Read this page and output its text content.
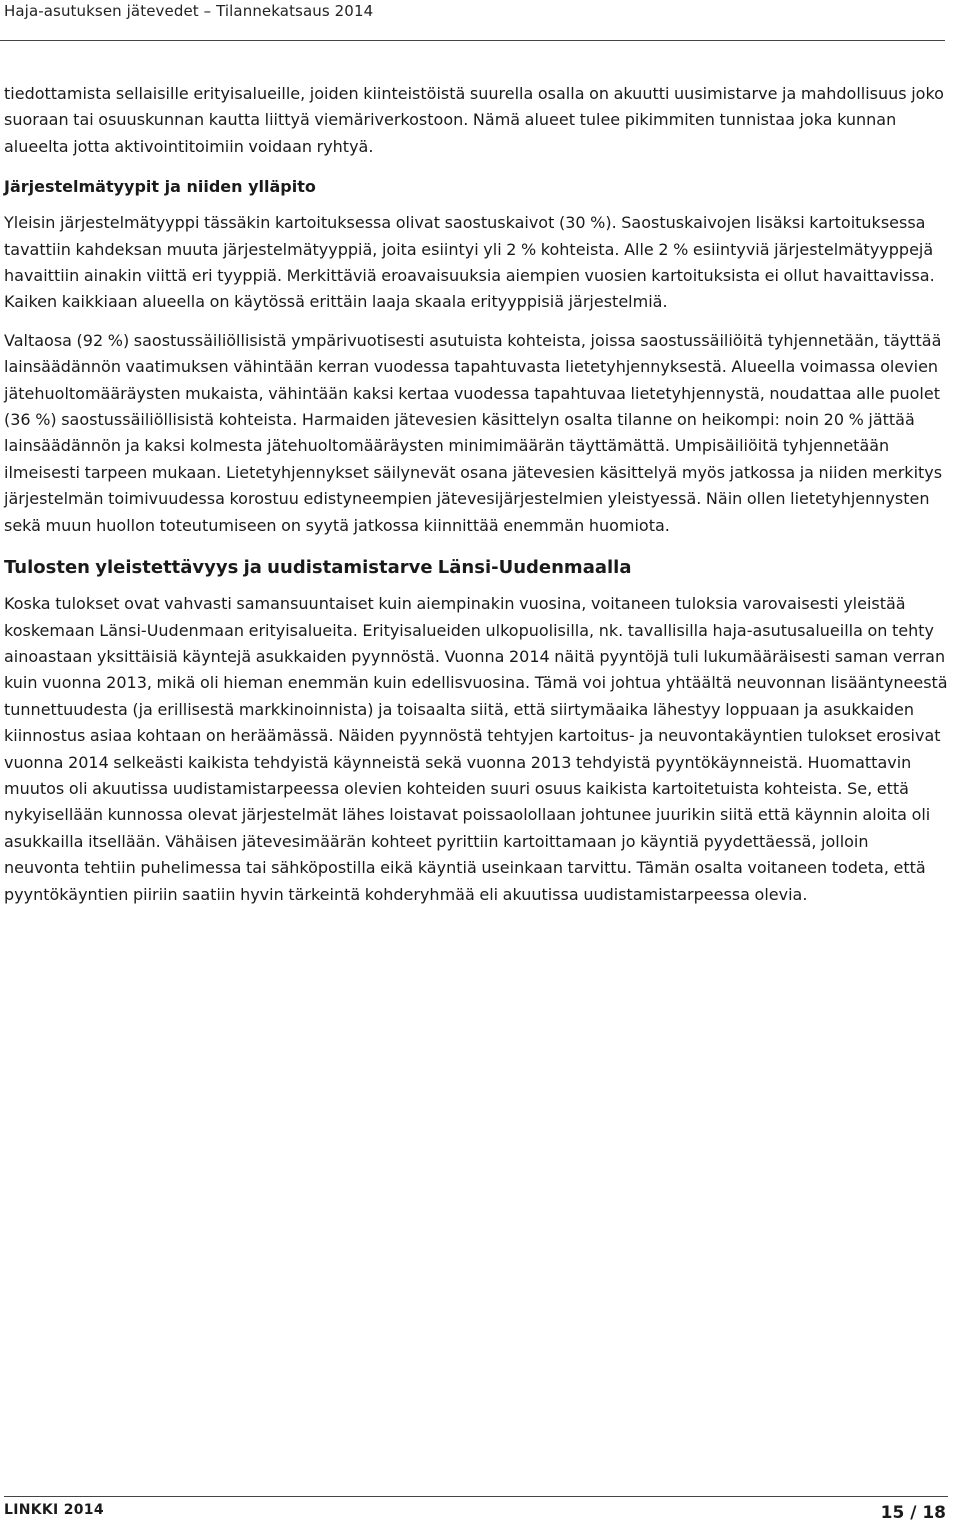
Haja-asutuksen jätevedet – Tilannekatsaus 2014

tiedottamista sellaisille erityisalueille, joiden kiinteistöistä suurella osalla on akuutti uusimistarve ja mahdollisuus joko suoraan tai osuuskunnan kautta liittyä viemäriverkostoon. Nämä alueet tulee pikimmiten tunnistaa joka kunnan alueelta jotta aktivointitoimiin voidaan ryhtyä.

Järjestelmätyypit ja niiden ylläpito

Yleisin järjestelmätyyppi tässäkin kartoituksessa olivat saostuskaivot (30 %). Saostuskaivojen lisäksi kartoituksessa tavattiin kahdeksan muuta järjestelmätyyppiä, joita esiintyi yli 2 % kohteista. Alle 2 % esiintyviä järjestelmätyyppejä havaittiin ainakin viittä eri tyyppiä. Merkittäviä eroavaisuuksia aiempien vuosien kartoituksista ei ollut havaittavissa. Kaiken kaikkiaan alueella on käytössä erittäin laaja skaala erityyppisiä järjestelmiä.

Valtaosa (92 %) saostussäiliöllisistä ympärivuotisesti asutuista kohteista, joissa saostussäiliöitä tyhjennetään, täyttää lainsäädännön vaatimuksen vähintään kerran vuodessa tapahtuvasta lietetyhjennyksestä. Alueella voimassa olevien jätehuoltomääräysten mukaista, vähintään kaksi kertaa vuodessa tapahtuvaa lietetyhjennystä, noudattaa alle puolet (36 %) saostussäiliöllisistä kohteista. Harmaiden jätevesien käsittelyn osalta tilanne on heikompi: noin 20 % jättää lainsäädännön ja kaksi kolmesta jätehuoltomääräysten minimimäärän täyttämättä. Umpisäiliöitä tyhjennetään ilmeisesti tarpeen mukaan. Lietetyhjennykset säilynevät osana jätevesien käsittelyä myös jatkossa ja niiden merkitys järjestelmän toimivuudessa korostuu edistyneempien jätevesijärjestelmien yleistyessä. Näin ollen lietetyhjennysten sekä muun huollon toteutumiseen on syytä jatkossa kiinnittää enemmän huomiota.

Tulosten yleistettävyys ja uudistamistarve Länsi-Uudenmaalla

Koska tulokset ovat vahvasti samansuuntaiset kuin aiempinakin vuosina, voitaneen tuloksia varovaisesti yleistää koskemaan Länsi-Uudenmaan erityisalueita. Erityisalueiden ulkopuolisilla, nk. tavallisilla haja-asutusalueilla on tehty ainoastaan yksittäisiä käyntejä asukkaiden pyynnöstä. Vuonna 2014 näitä pyyntöjä tuli lukumääräisesti saman verran kuin vuonna 2013, mikä oli hieman enemmän kuin edellisvuosina. Tämä voi johtua yhtäältä neuvonnan lisääntyneestä tunnettuudesta (ja erillisestä markkinoinnista) ja toisaalta siitä, että siirtymäaika lähestyy loppuaan ja asukkaiden kiinnostus asiaa kohtaan on heräämässä. Näiden pyynnöstä tehtyjen kartoitus- ja neuvontakäyntien tulokset erosivat vuonna 2014 selkeästi kaikista tehdyistä käynneistä sekä vuonna 2013 tehdyistä pyyntökäynneistä. Huomattavin muutos oli akuutissa uudistamistarpeessa olevien kohteiden suuri osuus kaikista kartoitetuista kohteista. Se, että nykyisellään kunnossa olevat järjestelmät lähes loistavat poissaolollaan johtunee juurikin siitä että käynnin aloita oli asukkailla itsellään. Vähäisen jätevesimäärän kohteet pyrittiin kartoittamaan jo käyntiä pyydettäessä, jolloin neuvonta tehtiin puhelimessa tai sähköpostilla eikä käyntiä useinkaan tarvittu. Tämän osalta voitaneen todeta, että pyyntökäyntien piiriin saatiin hyvin tärkeintä kohderyhmää eli akuutissa uudistamistarpeessa olevia.

LINKKI 2014	15 / 18
